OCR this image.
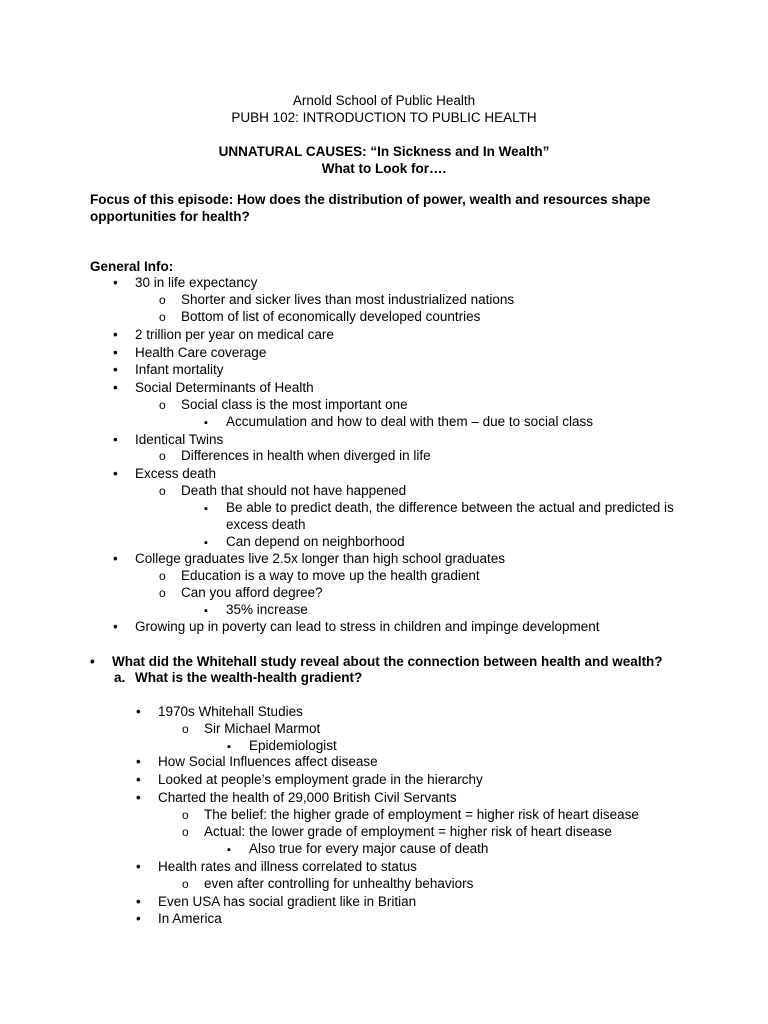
Arnold School of Public Health
PUBH 102: INTRODUCTION TO PUBLIC HEALTH
UNNATURAL CAUSES: “In Sickness and In Wealth”
What to Look for….
Focus of this episode: How does the distribution of power, wealth and resources shape opportunities for health?
General Info:
•
30 in life expectancy
o
Shorter and sicker lives than most industrialized nations
o
Bottom of list of economically developed countries
•
2 trillion per year on medical care
•
Health Care coverage
•
Infant mortality
•
Social Determinants of Health
o
Social class is the most important one
▪
Accumulation and how to deal with them – due to social class
•
Identical Twins
o
Differences in health when diverged in life
•
Excess death
o
Death that should not have happened
▪
Be able to predict death, the difference between the actual and predicted is excess death
▪
Can depend on neighborhood
•
College graduates live 2.5x longer than high school graduates
o
Education is a way to move up the health gradient
o
Can you afford degree?
▪
35% increase
•
Growing up in poverty can lead to stress in children and impinge development
•
What did the Whitehall study reveal about the connection between health and wealth?
a. What is the wealth-health gradient?
•
1970s Whitehall Studies
o
Sir Michael Marmot
▪
Epidemiologist
•
How Social Influences affect disease
•
Looked at people’s employment grade in the hierarchy
•
Charted the health of 29,000 British Civil Servants
o
The belief: the higher grade of employment = higher risk of heart disease
o
Actual: the lower grade of employment = higher risk of heart disease
▪
Also true for every major cause of death
•
Health rates and illness correlated to status
o
even after controlling for unhealthy behaviors
•
Even USA has social gradient like in Britian
•
In America
